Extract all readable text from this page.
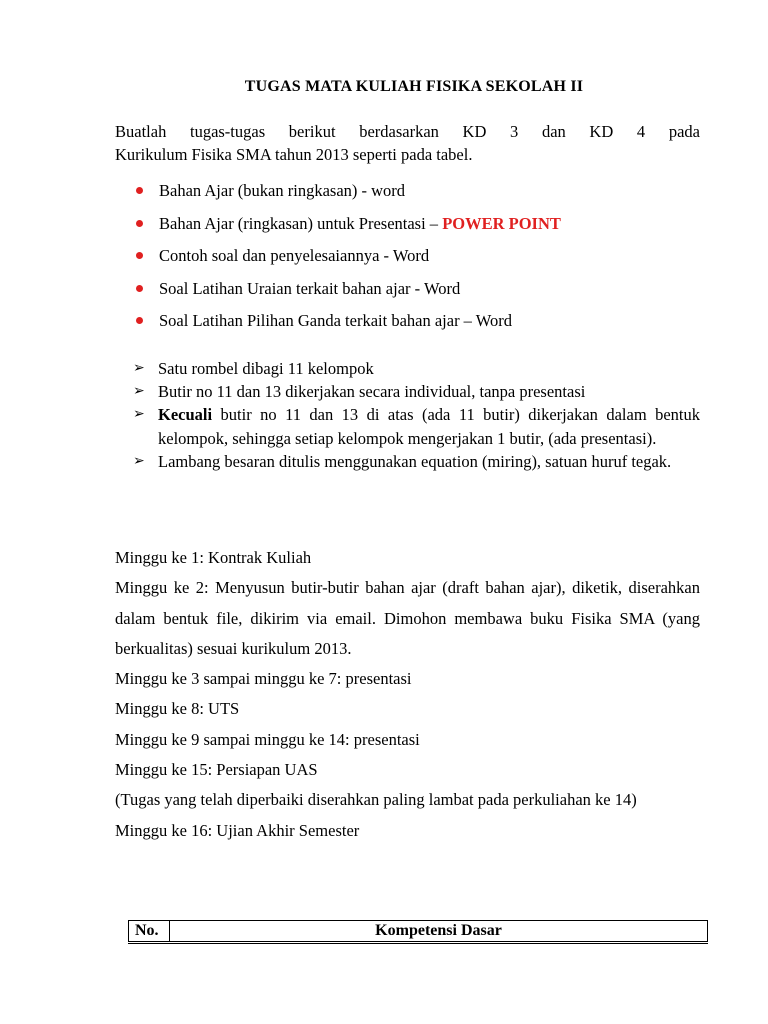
TUGAS MATA KULIAH FISIKA SEKOLAH II
Buatlah tugas-tugas berikut berdasarkan KD 3 dan KD 4 pada
Kurikulum Fisika SMA tahun 2013 seperti pada tabel.
Bahan Ajar (bukan ringkasan) - word
Bahan Ajar (ringkasan) untuk Presentasi – POWER POINT
Contoh soal dan penyelesaiannya - Word
Soal Latihan Uraian terkait bahan ajar - Word
Soal Latihan Pilihan Ganda terkait bahan ajar – Word
➢ Satu rombel dibagi 11 kelompok
➢ Butir no 11 dan 13 dikerjakan secara individual, tanpa presentasi
➢ Kecuali butir no 11 dan 13 di atas (ada 11 butir) dikerjakan dalam bentuk kelompok, sehingga setiap kelompok mengerjakan 1 butir, (ada presentasi).
➢ Lambang besaran ditulis menggunakan equation (miring), satuan huruf tegak.

Minggu ke 1: Kontrak Kuliah

Minggu ke 2: Menyusun butir-butir bahan ajar (draft bahan ajar), diketik, diserahkan dalam bentuk file, dikirim via email. Dimohon membawa buku Fisika SMA (yang berkualitas) sesuai kurikulum 2013.

Minggu ke 3 sampai minggu ke 7: presentasi

Minggu ke 8: UTS

Minggu ke 9 sampai minggu ke 14: presentasi

Minggu ke 15: Persiapan UAS

(Tugas yang telah diperbaiki diserahkan paling lambat pada perkuliahan ke 14)

Minggu ke 16: Ujian Akhir Semester

No.	Kompetensi Dasar
